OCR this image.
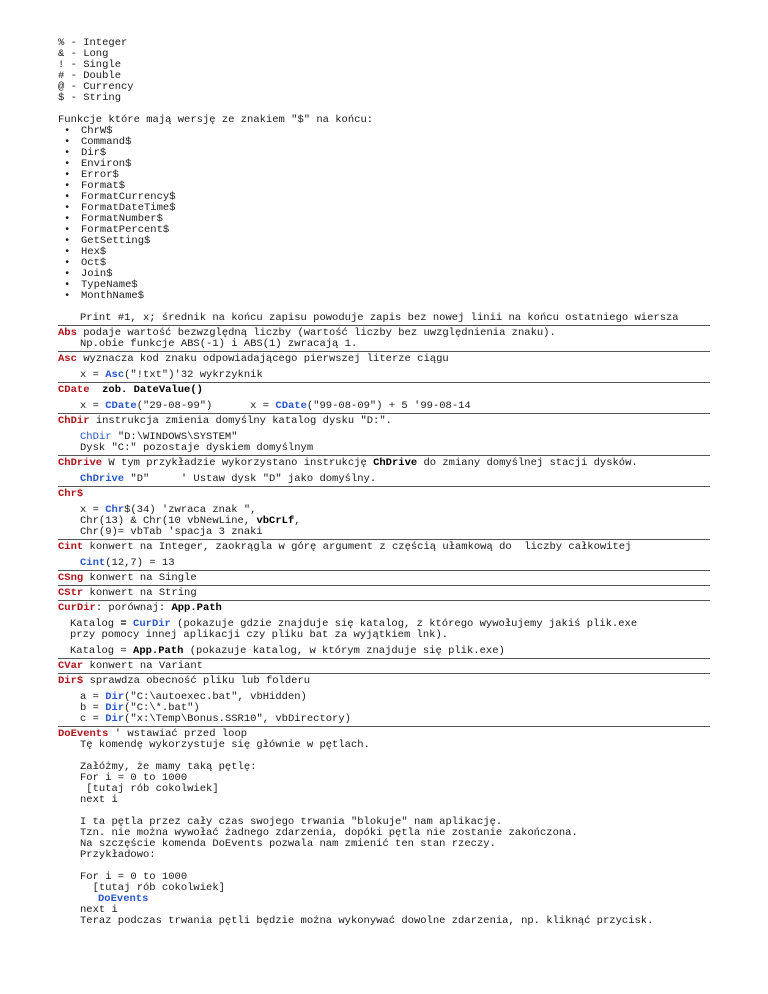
% - Integer
& - Long
! - Single
# - Double
@ - Currency
$ - String
Funkcje które mają wersję ze znakiem "$" na końcu:
• ChrW$
• Command$
• Dir$
• Environ$
• Error$
• Format$
• FormatCurrency$
• FormatDateTime$
• FormatNumber$
• FormatPercent$
• GetSetting$
• Hex$
• Oct$
• Join$
• TypeName$
• MonthName$
Print #1, x; średnik na końcu zapisu powoduje zapis bez nowej linii na końcu ostatniego wiersza
Abs podaje wartość bezwzględną liczby (wartość liczby bez uwzględnienia znaku).
Np.obie funkcje ABS(-1) i ABS(1) zwracają 1.
Asc wyznacza kod znaku odpowiadającego pierwszej literze ciągu
x = Asc("!txt")'32 wykrzyknik
CDate zob. DateValue()
x = CDate("29-08-99")	x = CDate("99-08-09") + 5 '99-08-14
ChDir instrukcja zmienia domyślny katalog dysku "D:".
ChDir "D:\WINDOWS\SYSTEM"
Dysk "C:" pozostaje dyskiem domyślnym
ChDrive W tym przykładzie wykorzystano instrukcję ChDrive do zmiany domyślnej stacji dysków.
ChDrive "D"     ' Ustaw dysk "D" jako domyślny.
Chr$
x = Chr$(34) 'zwraca znak ",
Chr(13) & Chr(10 vbNewLine, vbCrLf,
Chr(9)= vbTab 'spacja 3 znaki
Cint konwert na Integer, zaokrągla w górę argument z częścią ułamkową do  liczby całkowitej
Cint(12,7) = 13
CSng konwert na Single
CStr konwert na String
CurDir: porównaj: App.Path
Katalog = CurDir (pokazuje gdzie znajduje się katalog, z którego wywołujemy jakiś plik.exe
przy pomocy innej aplikacji czy pliku bat za wyjątkiem lnk).
Katalog = App.Path (pokazuje katalog, w którym znajduje się plik.exe)
CVar konwert na Variant
Dir$ sprawdza obecność pliku lub folderu
a = Dir("C:\autoexec.bat", vbHidden)
b = Dir("C:\*.bat")
c = Dir("x:\Temp\Bonus.SSR10", vbDirectory)
DoEvents ' wstawiać przed loop
Tę komendę wykorzystuje się głównie w pętlach.
Załóżmy, że mamy taką pętlę:
For i = 0 to 1000
[tutaj rób cokolwiek]
next i
I ta pętla przez cały czas swojego trwania "blokuje" nam aplikację.
Tzn. nie można wywołać żadnego zdarzenia, dopóki pętla nie zostanie zakończona.
Na szczęście komenda DoEvents pozwala nam zmienić ten stan rzeczy.
Przykładowo:
For i = 0 to 1000
[tutaj rób cokolwiek]
DoEvents
next i
Teraz podczas trwania pętli będzie można wykonywać dowolne zdarzenia, np. kliknąć przycisk.
